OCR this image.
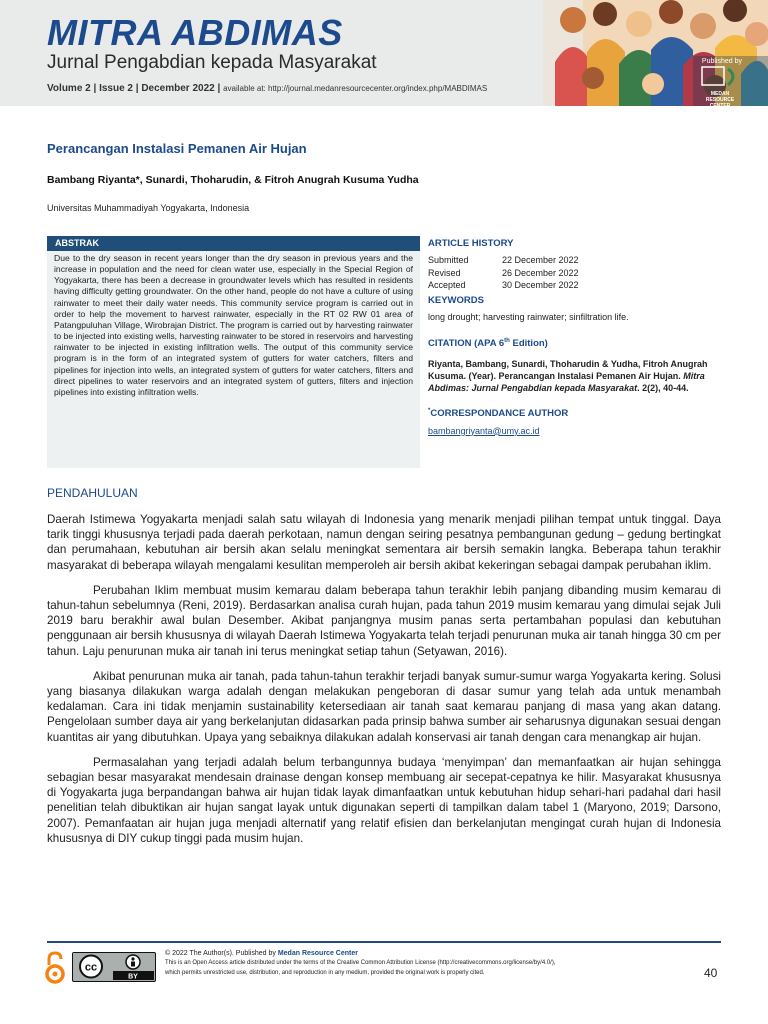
MITRA ABDIMAS
Jurnal Pengabdian kepada Masyarakat
Volume 2 | Issue 2 | December 2022 | available at: http://journal.medanresourcecenter.org/index.php/MABDIMAS
Published by
MEDAN RESOURCE CENTER
Perancangan Instalasi Pemanen Air Hujan
Bambang Riyanta*, Sunardi, Thoharudin, & Fitroh Anugrah Kusuma Yudha
Universitas Muhammadiyah Yogyakarta, Indonesia
ABSTRAK
Due to the dry season in recent years longer than the dry season in previous years and the increase in population and the need for clean water use, especially in the Special Region of Yogyakarta, there has been a decrease in groundwater levels which has resulted in residents having difficulty getting groundwater. On the other hand, people do not have a culture of using rainwater to meet their daily water needs. This community service program is carried out in order to help the movement to harvest rainwater, especially in the RT 02 RW 01 area of Patangpuluhan Village, Wirobrajan District. The program is carried out by harvesting rainwater to be injected into existing wells, harvesting rainwater to be stored in reservoirs and harvesting rainwater to be injected in existing infiltration wells. The output of this community service program is in the form of an integrated system of gutters for water catchers, filters and pipelines for injection into wells, an integrated system of gutters for water catchers, filters and direct pipelines to water reservoirs and an integrated system of gutters, filters and injection pipelines into existing infiltration wells.
ARTICLE HISTORY
Submitted	22 December 2022
Revised	26 December 2022
Accepted	30 December 2022
KEYWORDS
long drought; harvesting rainwater; sinfiltration life.
CITATION (APA 6th Edition)
Riyanta, Bambang, Sunardi, Thoharudin & Yudha, Fitroh Anugrah Kusuma. (Year). Perancangan Instalasi Pemanen Air Hujan. Mitra Abdimas: Jurnal Pengabdian kepada Masyarakat. 2(2), 40-44.
*CORRESPONDANCE AUTHOR
bambangriyanta@umy.ac.id
PENDAHULUAN

Daerah Istimewa Yogyakarta menjadi salah satu wilayah di Indonesia yang menarik menjadi pilihan tempat untuk tinggal. Daya tarik tinggi khususnya terjadi pada daerah perkotaan, namun dengan seiring pesatnya pembangunan gedung – gedung bertingkat dan perumahaan, kebutuhan air bersih akan selalu meningkat sementara air bersih semakin langka. Beberapa tahun terakhir masyarakat di beberapa wilayah mengalami kesulitan memperoleh air bersih akibat kekeringan sebagai dampak perubahan iklim.

Perubahan Iklim membuat musim kemarau dalam beberapa tahun terakhir lebih panjang dibanding musim kemarau di tahun-tahun sebelumnya (Reni, 2019). Berdasarkan analisa curah hujan, pada tahun 2019 musim kemarau yang dimulai sejak Juli 2019 baru berakhir awal bulan Desember. Akibat panjangnya musim panas serta pertambahan populasi dan kebutuhan penggunaan air bersih khususnya di wilayah Daerah Istimewa Yogyakarta telah terjadi penurunan muka air tanah hingga 30 cm per tahun. Laju penurunan muka air tanah ini terus meningkat setiap tahun (Setyawan, 2016).

Akibat penurunan muka air tanah, pada tahun-tahun terakhir terjadi banyak sumur-sumur warga Yogyakarta kering. Solusi yang biasanya dilakukan warga adalah dengan melakukan pengeboran di dasar sumur yang telah ada untuk menambah kedalaman. Cara ini tidak menjamin sustainability ketersediaan air tanah saat kemarau panjang di masa yang akan datang. Pengelolaan sumber daya air yang berkelanjutan didasarkan pada prinsip bahwa sumber air seharusnya digunakan sesuai dengan kuantitas air yang dibutuhkan. Upaya yang sebaiknya dilakukan adalah konservasi air tanah dengan cara menangkap air hujan.

Permasalahan yang terjadi adalah belum terbangunnya budaya ‘menyimpan’ dan memanfaatkan air hujan sehingga sebagian besar masyarakat mendesain drainase dengan konsep membuang air secepat-cepatnya ke hilir. Masyarakat khususnya di Yogyakarta juga berpandangan bahwa air hujan tidak layak dimanfaatkan untuk kebutuhan hidup sehari-hari padahal dari hasil penelitian telah dibuktikan air hujan sangat layak untuk digunakan seperti di tampilkan dalam tabel 1 (Maryono, 2019; Darsono, 2007). Pemanfaatan air hujan juga menjadi alternatif yang relatif efisien dan berkelanjutan mengingat curah hujan di Indonesia khususnya di DIY cukup tinggi pada musim hujan.

cc
BY
© 2022 The Author(s). Published by Medan Resource Center
This is an Open Access article distributed under the terms of the Creative Common Attribution License (http://creativecommons.org/license/by/4.0/),
which permits unrestricted use, distribution, and reproduction in any medium, provided the original work is properly cited.	40
